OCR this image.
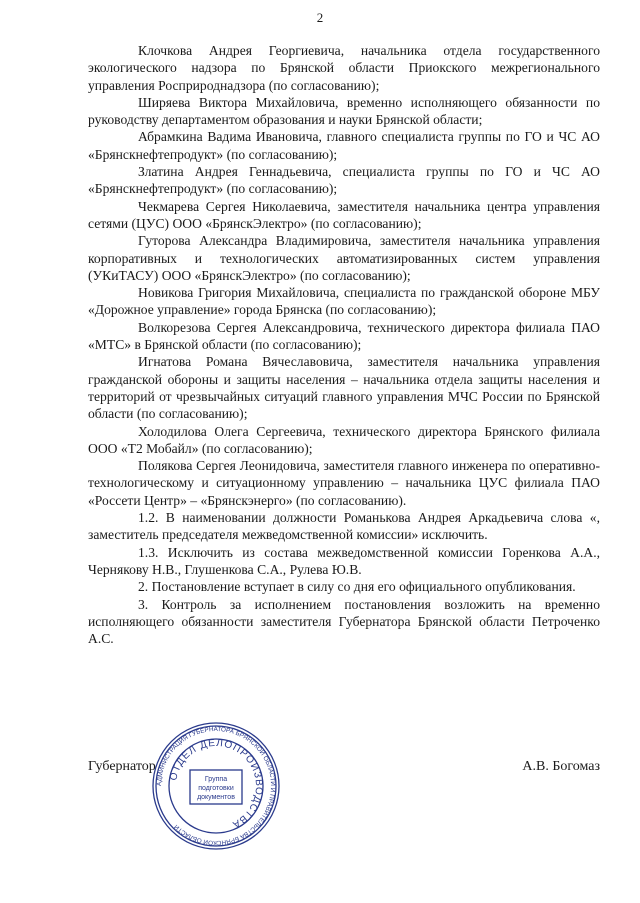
2

Клочкова Андрея Георгиевича, начальника отдела государственного экологического надзора по Брянской области Приокского межрегионального управления Росприроднадзора (по согласованию);

Ширяева Виктора Михайловича, временно исполняющего обязанности по руководству департаментом образования и науки Брянской области;

Абрамкина Вадима Ивановича, главного специалиста группы по ГО и ЧС АО «Брянскнефтепродукт» (по согласованию);

Златина Андрея Геннадьевича, специалиста группы по ГО и ЧС АО «Брянскнефтепродукт» (по согласованию);

Чекмарева Сергея Николаевича, заместителя начальника центра управления сетями (ЦУС) ООО «БрянскЭлектро» (по согласованию);

Гуторова Александра Владимировича, заместителя начальника управления корпоративных и технологических автоматизированных систем управления (УКиТАСУ) ООО «БрянскЭлектро» (по согласованию);

Новикова Григория Михайловича, специалиста по гражданской обороне МБУ «Дорожное управление» города Брянска (по согласованию);

Волкорезова Сергея Александровича, технического директора филиала ПАО «МТС» в Брянской области (по согласованию);

Игнатова Романа Вячеславовича, заместителя начальника управления гражданской обороны и защиты населения – начальника отдела защиты населения и территорий от чрезвычайных ситуаций главного управления МЧС России по Брянской области (по согласованию);

Холодилова Олега Сергеевича, технического директора Брянского филиала ООО «Т2 Мобайл» (по согласованию);

Полякова Сергея Леонидовича, заместителя главного инженера по оперативно-технологическому и ситуационному управлению – начальника ЦУС филиала ПАО «Россети Центр» – «Брянскэнерго» (по согласованию).

1.2. В наименовании должности Романькова Андрея Аркадьевича слова «, заместитель председателя межведомственной комиссии» исключить.

1.3. Исключить из состава межведомственной комиссии Горенкова А.А., Чернякову Н.В., Глушенкова С.А., Рулева Ю.В.

2. Постановление вступает в силу со дня его официального опубликования.

3. Контроль за исполнением постановления возложить на временно исполняющего обязанности заместителя Губернатора Брянской области Петроченко А.С.

АДМИНИСТРАЦИЯ ГУБЕРНАТОРА БРЯНСКОЙ ОБЛАСТИ И ПРАВИТЕЛЬСТВА БРЯНСКОЙ ОБЛАСТИ
ОТДЕЛ ДЕЛОПРОИЗВОДСТВА
Группа
подготовки
документов
Губернатор	А.В. Богомаз
